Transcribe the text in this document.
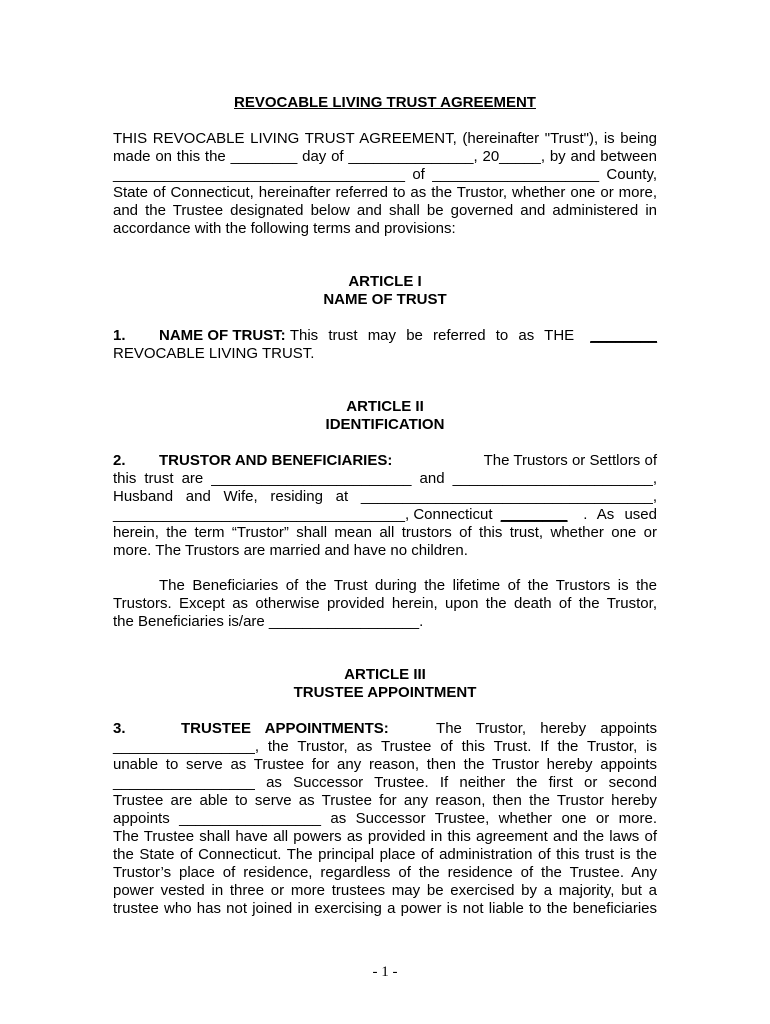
REVOCABLE LIVING TRUST AGREEMENT
THIS REVOCABLE LIVING TRUST AGREEMENT, (hereinafter "Trust"), is being
made on this the ________ day of _______________, 20_____, by and between
___________________________________ of ____________________ County,
State of Connecticut, hereinafter referred to as the Trustor, whether one or more,
and the Trustee designated below and shall be governed and administered in
accordance with the following terms and provisions:
ARTICLE I
NAME OF TRUST
1. NAME OF TRUST: This trust may be referred to as THE ________
REVOCABLE LIVING TRUST.
ARTICLE II
IDENTIFICATION
2. TRUSTOR AND BENEFICIARIES:	The Trustors or Settlors of
this trust are ________________________ and ________________________,
Husband and Wife, residing at ___________________________________,
___________________________________, Connecticut ________ . As used
herein, the term “Trustor” shall mean all trustors of this trust, whether one or
more. The Trustors are married and have no children.
The Beneficiaries of the Trust during the lifetime of the Trustors is the
Trustors. Except as otherwise provided herein, upon the death of the Trustor,
the Beneficiaries is/are __________________.
ARTICLE III
TRUSTEE APPOINTMENT
3.	TRUSTEE APPOINTMENTS:	The Trustor, hereby appoints
_________________, the Trustor, as Trustee of this Trust. If the Trustor, is
unable to serve as Trustee for any reason, then the Trustor hereby appoints
_________________ as Successor Trustee. If neither the first or second
Trustee are able to serve as Trustee for any reason, then the Trustor hereby
appoints _________________ as Successor Trustee, whether one or more.
The Trustee shall have all powers as provided in this agreement and the laws of
the State of Connecticut. The principal place of administration of this trust is the
Trustor’s place of residence, regardless of the residence of the Trustee. Any
power vested in three or more trustees may be exercised by a majority, but a
trustee who has not joined in exercising a power is not liable to the beneficiaries
- 1 -
